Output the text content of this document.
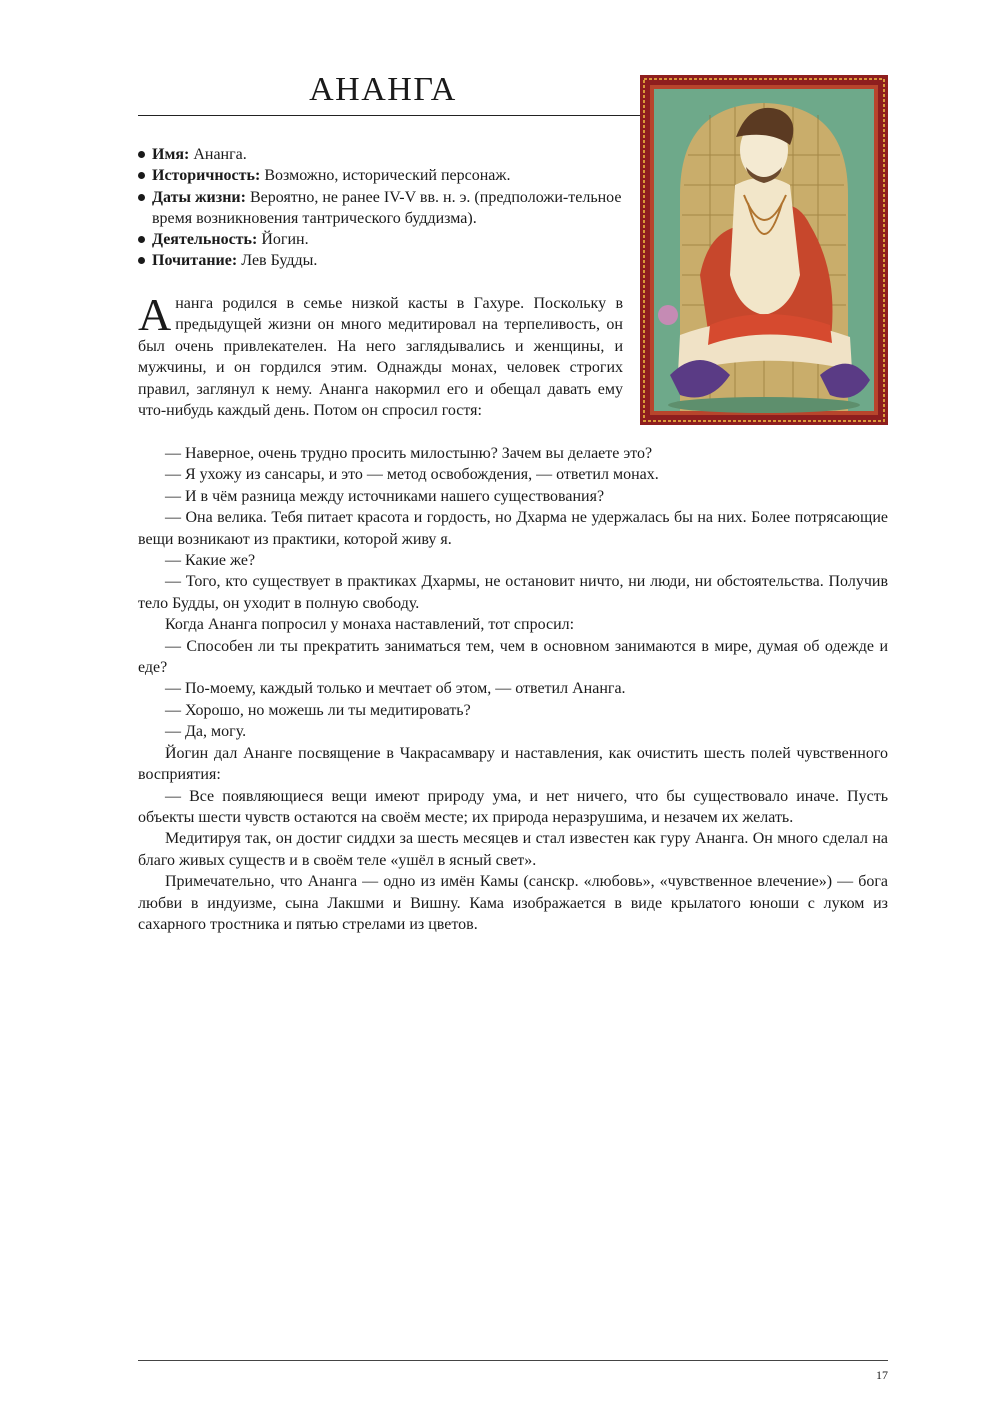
АНАНГА
Имя: Ананга.
Историчность: Возможно, исторический персонаж.
Даты жизни: Вероятно, не ранее IV-V вв. н. э. (предположи-тельное время возникновения тантрического буддизма).
Деятельность: Йогин.
Почитание: Лев Будды.

Ананга родился в семье низкой касты в Гахуре. Поскольку в предыдущей жизни он много медитировал на терпеливость, он был очень привлекателен. На него заглядывались и женщины, и мужчины, и он гордился этим. Однажды монах, человек строгих правил, заглянул к нему. Ананга накормил его и обещал давать ему что-нибудь каждый день. Потом он спросил гостя:

— Наверное, очень трудно просить милостыню? Зачем вы делаете это?

— Я ухожу из сансары, и это — метод освобождения, — ответил монах.

— И в чём разница между источниками нашего существования?

— Она велика. Тебя питает красота и гордость, но Дхарма не удержалась бы на них. Более потрясающие вещи возникают из практики, которой живу я.

— Какие же?

— Того, кто существует в практиках Дхармы, не остановит ничто, ни люди, ни обстоятельства. Получив тело Будды, он уходит в полную свободу.

Когда Ананга попросил у монаха наставлений, тот спросил:

— Способен ли ты прекратить заниматься тем, чем в основном занимаются в мире, думая об одежде и еде?

— По-моему, каждый только и мечтает об этом, — ответил Ананга.

— Хорошо, но можешь ли ты медитировать?

— Да, могу.

Йогин дал Ананге посвящение в Чакрасамвару и наставления, как очистить шесть полей чувственного восприятия:

— Все появляющиеся вещи имеют природу ума, и нет ничего, что бы существовало иначе. Пусть объекты шести чувств остаются на своём месте; их природа неразрушима, и незачем их желать.

Медитируя так, он достиг сиддхи за шесть месяцев и стал известен как гуру Ананга. Он много сделал на благо живых существ и в своём теле «ушёл в ясный свет».

Примечательно, что Ананга — одно из имён Камы (санскр. «любовь», «чувственное влечение») — бога любви в индуизме, сына Лакшми и Вишну. Кама изображается в виде крылатого юноши с луком из сахарного тростника и пятью стрелами из цветов.

17
